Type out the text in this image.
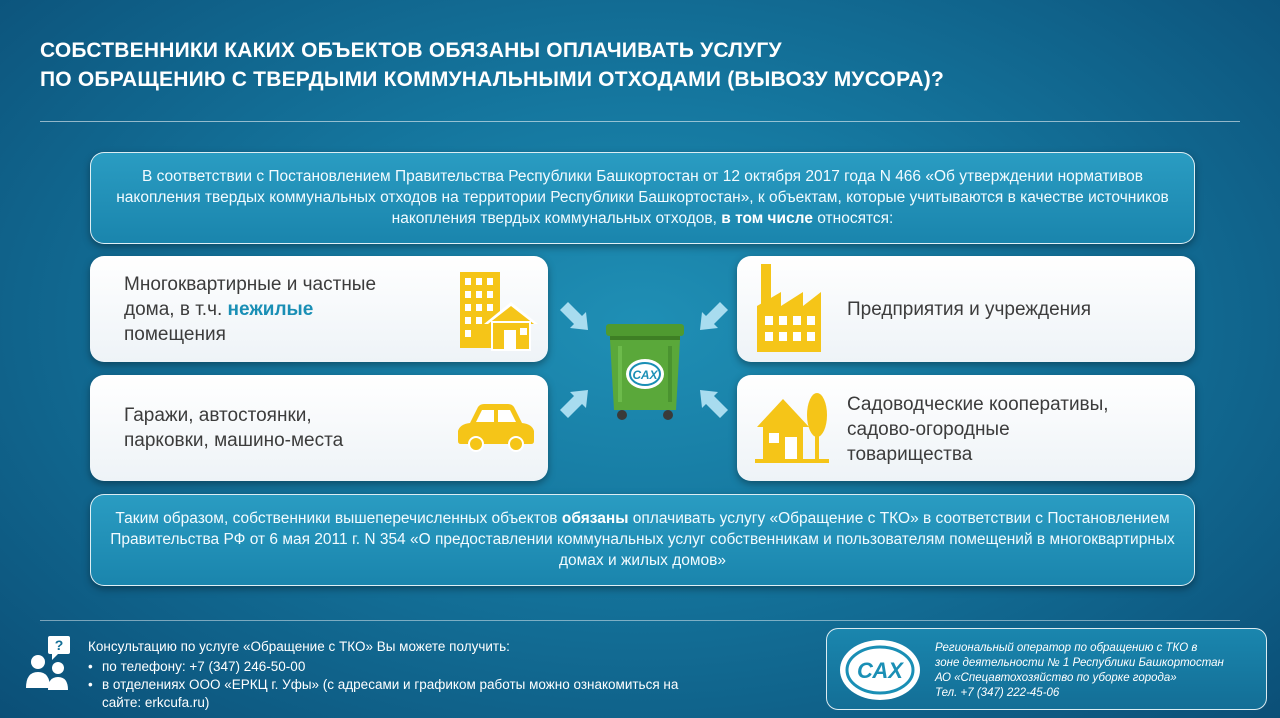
СОБСТВЕННИКИ КАКИХ ОБЪЕКТОВ ОБЯЗАНЫ ОПЛАЧИВАТЬ УСЛУГУ
ПО ОБРАЩЕНИЮ С ТВЕРДЫМИ КОММУНАЛЬНЫМИ ОТХОДАМИ (ВЫВОЗУ МУСОРА)?
В соответствии с Постановлением Правительства Республики Башкортостан от 12 октября 2017 года N 466 «Об утверждении нормативов накопления твердых коммунальных отходов на территории Республики Башкортостан», к объектам, которые учитываются в качестве источников накопления твердых коммунальных отходов, в том числе относятся:
Многоквартирные и частные
дома, в т.ч. нежилые
помещения
Предприятия и учреждения
Гаражи, автостоянки,
парковки, машино-места
Садоводческие кооперативы,
садово-огородные
товарищества
САХ
Таким образом, собственники вышеперечисленных объектов обязаны оплачивать услугу «Обращение с ТКО» в соответствии с Постановлением Правительства РФ от 6 мая 2011 г. N 354 «О предоставлении коммунальных услуг собственникам и пользователям помещений в многоквартирных домах и жилых домов»
? Консультацию по услуге «Обращение с ТКО» Вы можете получить:
• по телефону: +7 (347) 246-50-00
• в отделениях ООО «ЕРКЦ г. Уфы» (с адресами и графиком работы можно ознакомиться на сайте: erkcufa.ru)
САХ
Региональный оператор по обращению с ТКО в
зоне деятельности № 1 Республики Башкортостан
АО «Спецавтохозяйство по уборке города»
Тел. +7 (347) 222-45-06
